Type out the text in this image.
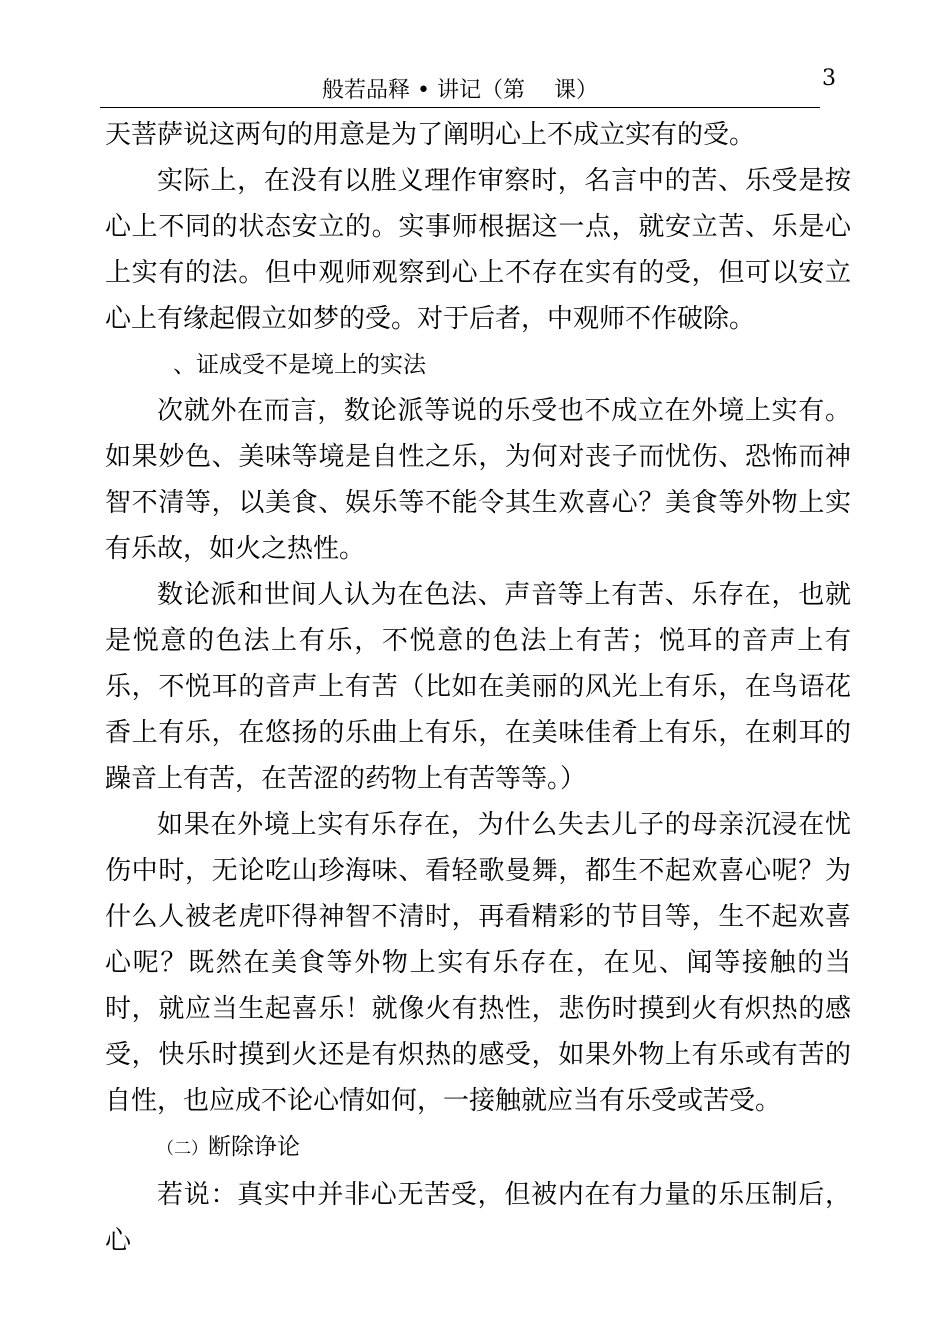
3
般若品释 • 讲记（第　 课）

天菩萨说这两句的用意是为了阐明心上不成立实有的受。

实际上，在没有以胜义理作审察时，名言中的苦、乐受是按心上不同的状态安立的。实事师根据这一点，就安立苦、乐是心上实有的法。但中观师观察到心上不存在实有的受，但可以安立心上有缘起假立如梦的受。对于后者，中观师不作破除。

、证成受不是境上的实法

次就外在而言，数论派等说的乐受也不成立在外境上实有。如果妙色、美味等境是自性之乐，为何对丧子而忧伤、恐怖而神智不清等，以美食、娱乐等不能令其生欢喜心？美食等外物上实有乐故，如火之热性。

数论派和世间人认为在色法、声音等上有苦、乐存在，也就是悦意的色法上有乐，不悦意的色法上有苦；悦耳的音声上有乐，不悦耳的音声上有苦（比如在美丽的风光上有乐，在鸟语花香上有乐，在悠扬的乐曲上有乐，在美味佳肴上有乐，在刺耳的躁音上有苦，在苦涩的药物上有苦等等。）

如果在外境上实有乐存在，为什么失去儿子的母亲沉浸在忧伤中时，无论吃山珍海味、看轻歌曼舞，都生不起欢喜心呢？为什么人被老虎吓得神智不清时，再看精彩的节目等，生不起欢喜心呢？既然在美食等外物上实有乐存在，在见、闻等接触的当时，就应当生起喜乐！就像火有热性，悲伤时摸到火有炽热的感受，快乐时摸到火还是有炽热的感受，如果外物上有乐或有苦的自性，也应成不论心情如何，一接触就应当有乐受或苦受。

（二）断除诤论

若说：真实中并非心无苦受，但被内在有力量的乐压制后，心
